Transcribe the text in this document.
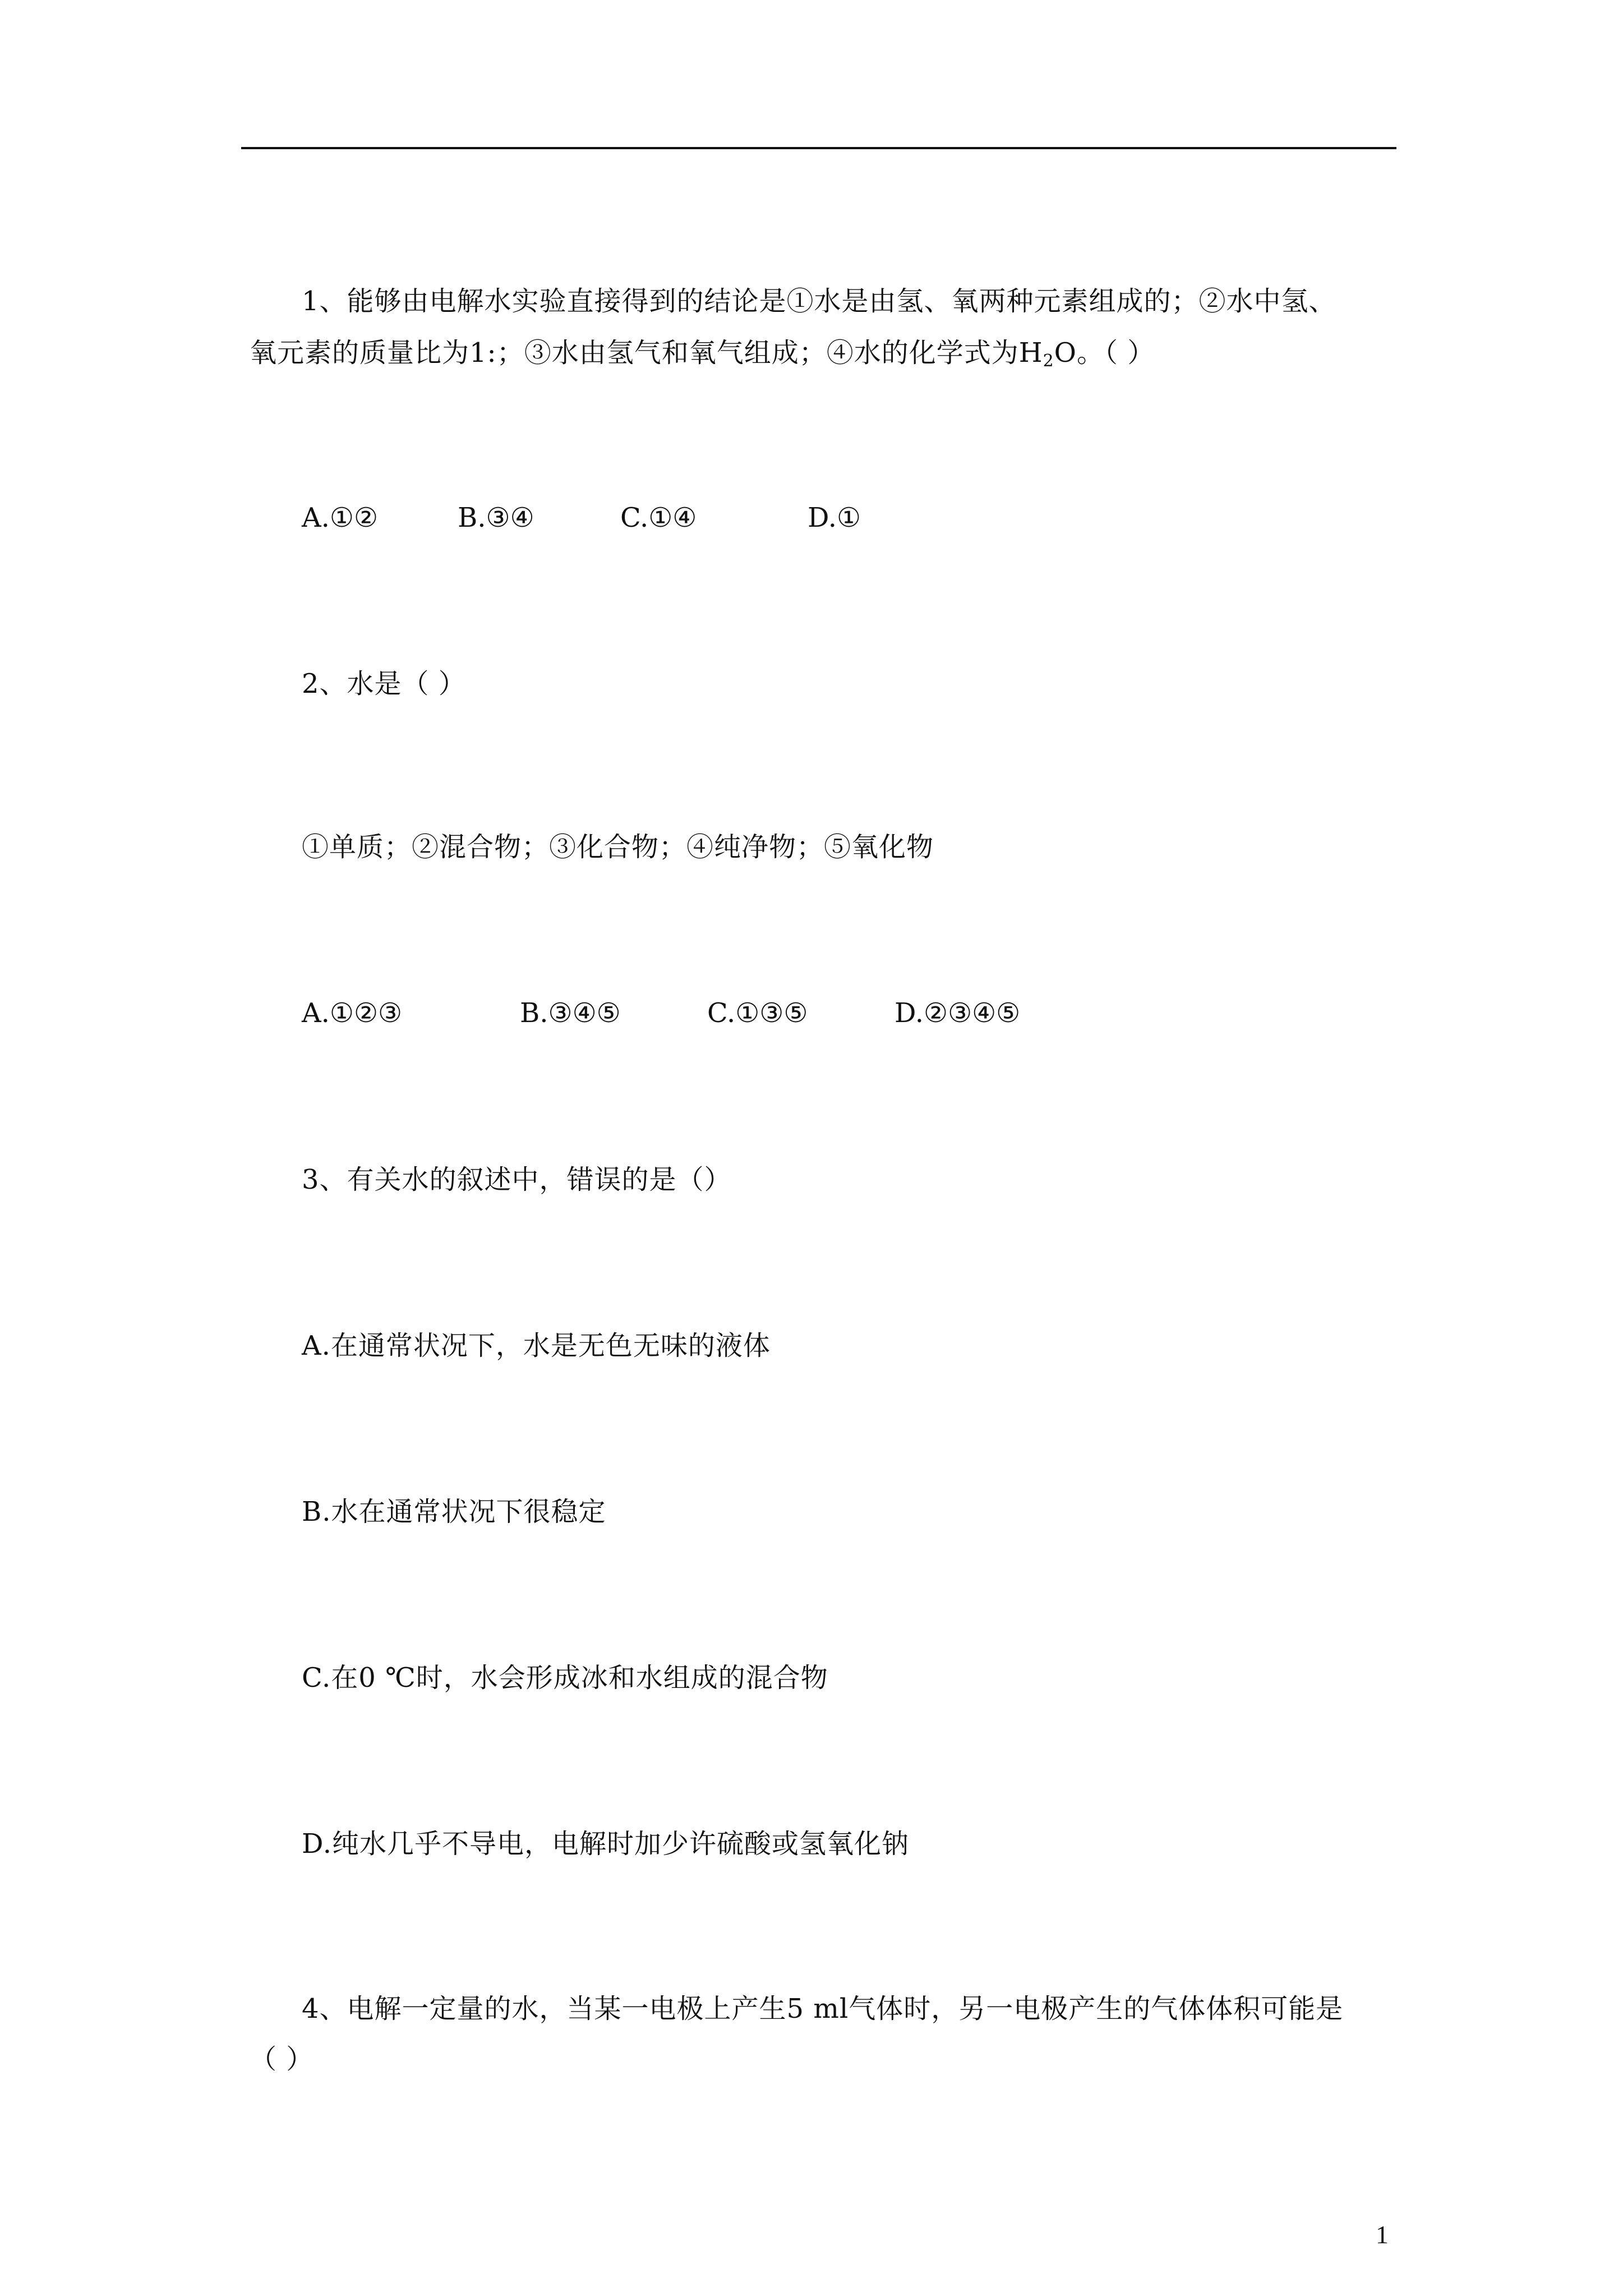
1、能够由电解水实验直接得到的结论是①水是由氢、氧两种元素组成的；②水中氢、
氧元素的质量比为1:；③水由氢气和氧气组成；④水的化学式为$H_2O$。（ ）
A.①②	B.③④	C.①④	D.①
2、水是（ ）
①单质；②混合物；③化合物；④纯净物；⑤氧化物
A.①②③	B.③④⑤	C.①③⑤	D.②③④⑤
3、有关水的叙述中，错误的是（）
A.在通常状况下，水是无色无味的液体
B.水在通常状况下很稳定
C.在0 ℃时，水会形成冰和水组成的混合物
D.纯水几乎不导电，电解时加少许硫酸或氢氧化钠
4、电解一定量的水，当某一电极上产生5 ml气体时，另一电极产生的气体体积可能是
（ ）
1
